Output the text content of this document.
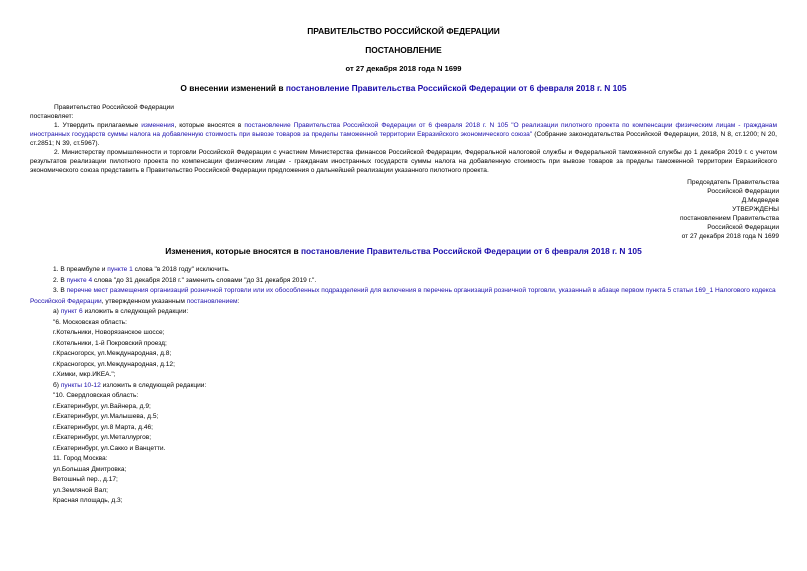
ПРАВИТЕЛЬСТВО РОССИЙСКОЙ ФЕДЕРАЦИИ
ПОСТАНОВЛЕНИЕ
от 27 декабря 2018 года N 1699
О внесении изменений в постановление Правительства Российской Федерации от 6 февраля 2018 г. N 105
Правительство Российской Федерации
постановляет:
1. Утвердить прилагаемые изменения, которые вносятся в постановление Правительства Российской Федерации от 6 февраля 2018 г. N 105 "О реализации пилотного проекта по компенсации физическим лицам - гражданам иностранных государств суммы налога на добавленную стоимость при вывозе товаров за пределы таможенной территории Евразийского экономического союза" (Собрание законодательства Российской Федерации, 2018, N 8, ст.1200; N 20, ст.2851; N 39, ст.5967).
2. Министерству промышленности и торговли Российской Федерации с участием Министерства финансов Российской Федерации, Федеральной налоговой службы и Федеральной таможенной службы до 1 декабря 2019 г. с учетом результатов реализации пилотного проекта по компенсации физическим лицам - гражданам иностранных государств суммы налога на добавленную стоимость при вывозе товаров за пределы таможенной территории Евразийского экономического союза представить в Правительство Российской Федерации предложения о дальнейшей реализации указанного пилотного проекта.
Председатель Правительства
Российской Федерации
Д.Медведев
УТВЕРЖДЕНЫ
постановлением Правительства
Российской Федерации
от 27 декабря 2018 года N 1699
Изменения, которые вносятся в постановление Правительства Российской Федерации от 6 февраля 2018 г. N 105
1. В преамбуле и пункте 1 слова "в 2018 году" исключить.
2. В пункте 4 слова "до 31 декабря 2018 г." заменить словами "до 31 декабря 2019 г.".
3. В перечне мест размещения организаций розничной торговли или их обособленных подразделений для включения в перечень организаций розничной торговли, указанный в абзаце первом пункта 5 статьи 169_1 Налогового кодекса Российской Федерации, утвержденном указанным постановлением:
а) пункт 6 изложить в следующей редакции:
"6. Московская область:
г.Котельники, Новорязанское шоссе;
г.Котельники, 1-й Покровский проезд;
г.Красногорск, ул.Международная, д.8;
г.Красногорск, ул.Международная, д.12;
г.Химки, мкр.ИКЕА.";
б) пункты 10-12 изложить в следующей редакции:
"10. Свердловская область:
г.Екатеринбург, ул.Вайнера, д.9;
г.Екатеринбург, ул.Малышева, д.5;
г.Екатеринбург, ул.8 Марта, д.46;
г.Екатеринбург, ул.Металлургов;
г.Екатеринбург, ул.Сакко и Ванцетти.
11. Город Москва:
ул.Большая Дмитровка;
Ветошный пер., д.17;
ул.Земляной Вал;
Красная площадь, д.3;
